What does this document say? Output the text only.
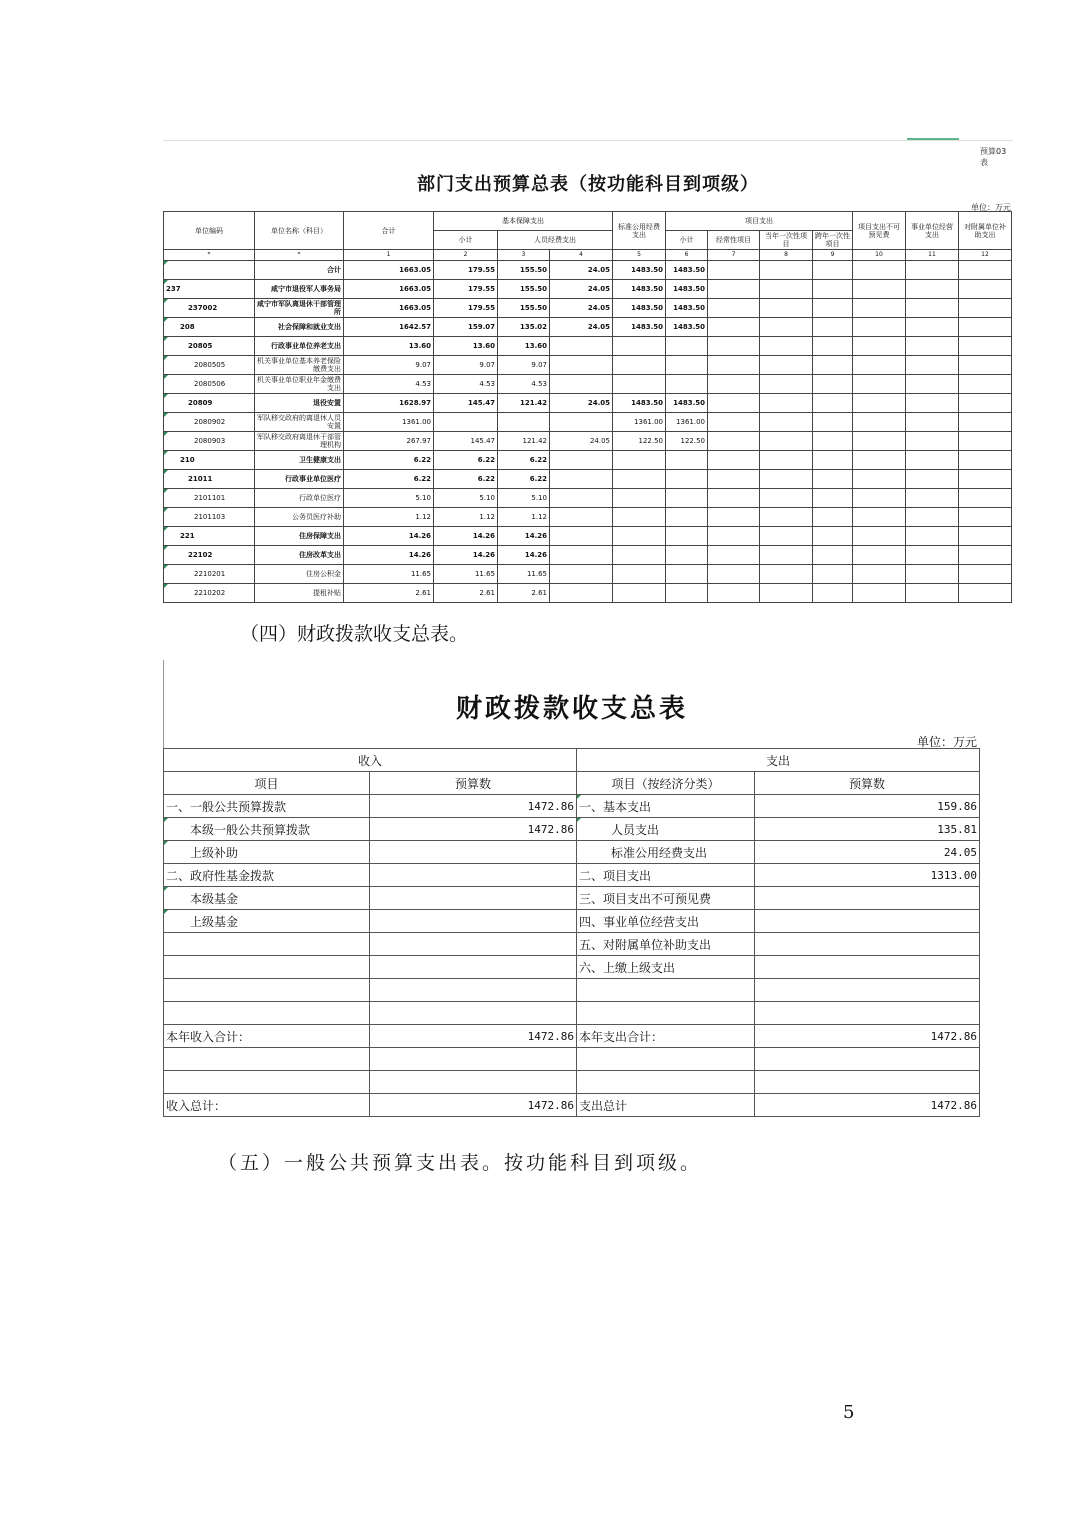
预算03表
部门支出预算总表（按功能科目到项级）
单位：万元
单位编码	单位名称（科目）	合计	基本保障支出			标准公用经费支出	项目支出				项目支出不可预见费	事业单位经营支出	对附属单位补助支出
			小计	人员经费支出			小计	经常性项目	当年一次性项目	跨年一次性项目			
*	*	1	2	3	4	5	6	7	8	9	10	11	12
	合计	1663.05	179.55	155.50	24.05	1483.50	1483.50						
237	咸宁市退役军人事务局	1663.05	179.55	155.50	24.05	1483.50	1483.50						
237002	咸宁市军队离退休干部管理所	1663.05	179.55	155.50	24.05	1483.50	1483.50						
208	社会保障和就业支出	1642.57	159.07	135.02	24.05	1483.50	1483.50						
20805	行政事业单位养老支出	13.60	13.60	13.60									
2080505	机关事业单位基本养老保险缴费支出	9.07	9.07	9.07									
2080506	机关事业单位职业年金缴费支出	4.53	4.53	4.53									
20809	退役安置	1628.97	145.47	121.42	24.05	1483.50	1483.50						
2080902	军队移交政府的离退休人员安置	1361.00				1361.00	1361.00						
2080903	军队移交政府离退休干部管理机构	267.97	145.47	121.42	24.05	122.50	122.50						
210	卫生健康支出	6.22	6.22	6.22									
21011	行政事业单位医疗	6.22	6.22	6.22									
2101101	行政单位医疗	5.10	5.10	5.10									
2101103	公务员医疗补助	1.12	1.12	1.12									
221	住房保障支出	14.26	14.26	14.26									
22102	住房改革支出	14.26	14.26	14.26									
2210201	住房公积金	11.65	11.65	11.65									
2210202	提租补贴	2.61	2.61	2.61									
（四）财政拨款收支总表。
财政拨款收支总表
单位：万元
收入		支出	
项目	预算数	项目（按经济分类）	预算数
一、一般公共预算拨款	1472.86	一、基本支出	159.86
本级一般公共预算拨款	1472.86	人员支出	135.81
上级补助		标准公用经费支出	24.05
二、政府性基金拨款		二、项目支出	1313.00
本级基金		三、项目支出不可预见费	
上级基金		四、事业单位经营支出	
		五、对附属单位补助支出	
		六、上缴上级支出	

本年收入合计：	1472.86	本年支出合计：	1472.86

收入总计：	1472.86	支出总计	1472.86
（五）一般公共预算支出表。按功能科目到项级。
5
